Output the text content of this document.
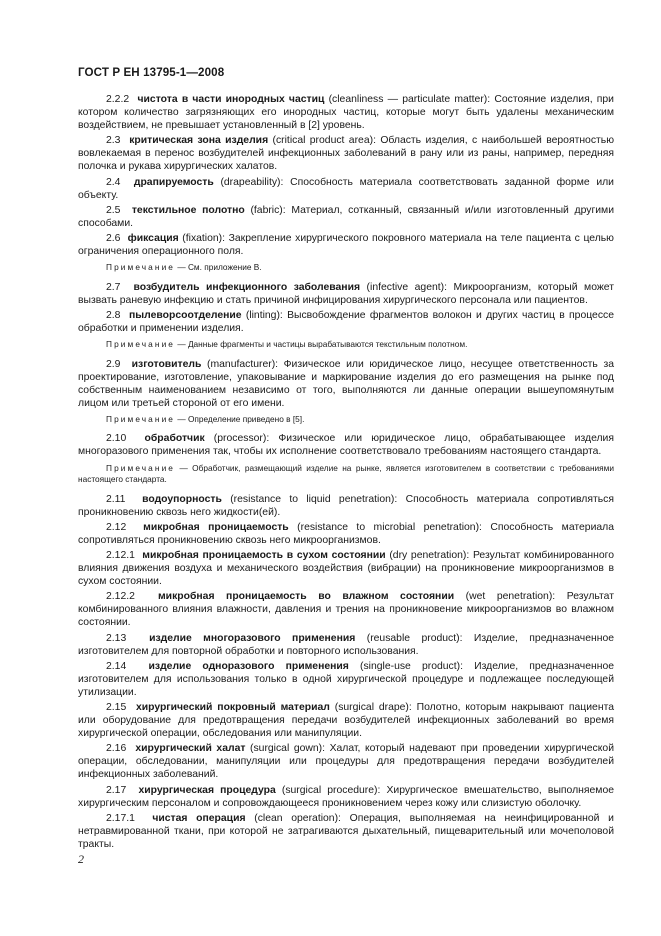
ГОСТ Р ЕН 13795-1—2008

2.2.2 чистота в части инородных частиц (cleanliness — particulate matter): Состояние изделия, при котором количество загрязняющих его инородных частиц, которые могут быть удалены механическим воздействием, не превышает установленный в [2] уровень.

2.3 критическая зона изделия (critical product area): Область изделия, с наибольшей вероятностью вовлекаемая в перенос возбудителей инфекционных заболеваний в рану или из раны, например, передняя полочка и рукава хирургических халатов.

2.4 драпируемость (drapeability): Способность материала соответствовать заданной форме или объекту.

2.5 текстильное полотно (fabric): Материал, сотканный, связанный и/или изготовленный другими способами.

2.6 фиксация (fixation): Закрепление хирургического покровного материала на теле пациента с целью ограничения операционного поля.

Примечание — См. приложение В.

2.7 возбудитель инфекционного заболевания (infective agent): Микроорганизм, который может вызвать раневую инфекцию и стать причиной инфицирования хирургического персонала или пациентов.

2.8 пылеворсоотделение (linting): Высвобождение фрагментов волокон и других частиц в процессе обработки и применении изделия.

Примечание — Данные фрагменты и частицы вырабатываются текстильным полотном.

2.9 изготовитель (manufacturer): Физическое или юридическое лицо, несущее ответственность за проектирование, изготовление, упаковывание и маркирование изделия до его размещения на рынке под собственным наименованием независимо от того, выполняются ли данные операции вышеупомянутым лицом или третьей стороной от его имени.

Примечание — Определение приведено в [5].

2.10 обработчик (processor): Физическое или юридическое лицо, обрабатывающее изделия многоразового применения так, чтобы их исполнение соответствовало требованиям настоящего стандарта.

Примечание — Обработчик, размещающий изделие на рынке, является изготовителем в соответствии с требованиями настоящего стандарта.

2.11 водоупорность (resistance to liquid penetration): Способность материала сопротивляться проникновению сквозь него жидкости(ей).

2.12 микробная проницаемость (resistance to microbial penetration): Способность материала сопротивляться проникновению сквозь него микроорганизмов.

2.12.1 микробная проницаемость в сухом состоянии (dry penetration): Результат комбинированного влияния движения воздуха и механического воздействия (вибрации) на проникновение микроорганизмов в сухом состоянии.

2.12.2 микробная проницаемость во влажном состоянии (wet penetration): Результат комбинированного влияния влажности, давления и трения на проникновение микроорганизмов во влажном состоянии.

2.13 изделие многоразового применения (reusable product): Изделие, предназначенное изготовителем для повторной обработки и повторного использования.

2.14 изделие одноразового применения (single-use product): Изделие, предназначенное изготовителем для использования только в одной хирургической процедуре и подлежащее последующей утилизации.

2.15 хирургический покровный материал (surgical drape): Полотно, которым накрывают пациента или оборудование для предотвращения передачи возбудителей инфекционных заболеваний во время хирургической операции, обследования или манипуляции.

2.16 хирургический халат (surgical gown): Халат, который надевают при проведении хирургической операции, обследовании, манипуляции или процедуры для предотвращения передачи возбудителей инфекционных заболеваний.

2.17 хирургическая процедура (surgical procedure): Хирургическое вмешательство, выполняемое хирургическим персоналом и сопровождающееся проникновением через кожу или слизистую оболочку.

2.17.1 чистая операция (clean operation): Операция, выполняемая на неинфицированной и нетравмированной ткани, при которой не затрагиваются дыхательный, пищеварительный или мочеполовой тракты.

2
